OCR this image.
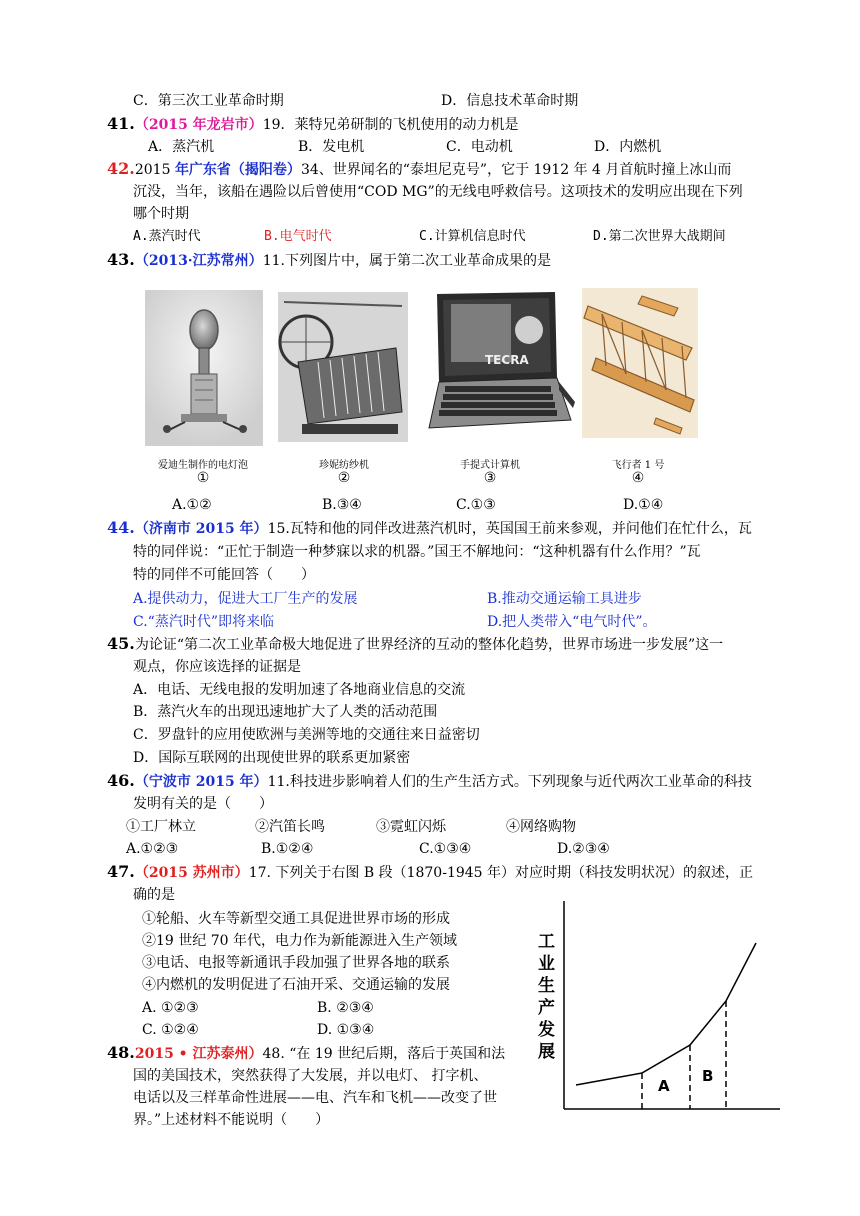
C．第三次工业革命时期	D．信息技术革命时期
41.（2015 年龙岩市）19．莱特兄弟研制的飞机使用的动力机是
A．蒸汽机	B．发电机	C．电动机	D．内燃机
42.2015 年广东省（揭阳卷）34、世界闻名的“泰坦尼克号”，它于 1912 年 4 月首航时撞上冰山而
沉没，当年，该船在遇险以后曾使用“COD MG”的无线电呼救信号。这项技术的发明应出现在下列
哪个时期
A.蒸汽时代	B.电气时代	C.计算机信息时代	D.第二次世界大战期间
43.（2013·江苏常州）11.下列图片中，属于第二次工业革命成果的是
TECRA
爱迪生制作的电灯泡	珍妮纺纱机	手提式计算机	飞行者 1 号
①	②	③	④
A.①②	B.③④	C.①③	D.①④
44.（济南市 2015 年）15.瓦特和他的同伴改进蒸汽机时，英国国王前来参观，并问他们在忙什么，瓦
特的同伴说：“正忙于制造一种梦寐以求的机器。”国王不解地问：“这种机器有什么作用？”瓦
特的同伴不可能回答（　　）
A.提供动力，促进大工厂生产的发展	B.推动交通运输工具进步
C.“蒸汽时代”即将来临	D.把人类带入“电气时代”。
45.为论证“第二次工业革命极大地促进了世界经济的互动的整体化趋势，世界市场进一步发展”这一
观点，你应该选择的证据是
A．电话、无线电报的发明加速了各地商业信息的交流
B．蒸汽火车的出现迅速地扩大了人类的活动范围
C．罗盘针的应用使欧洲与美洲等地的交通往来日益密切
D．国际互联网的出现使世界的联系更加紧密
46.（宁波市 2015 年）11.科技进步影响着人们的生产生活方式。下列现象与近代两次工业革命的科技
发明有关的是（　　）
①工厂林立	②汽笛长鸣	③霓虹闪烁	④网络购物
A.①②③	B.①②④	C.①③④	D.②③④
47.（2015 苏州市）17. 下列关于右图 B 段（1870-1945 年）对应时期（科技发明状况）的叙述，正
确的是
①轮船、火车等新型交通工具促进世界市场的形成
②19 世纪 70 年代，电力作为新能源进入生产领域
③电话、电报等新通讯手段加强了世界各地的联系
④内燃机的发明促进了石油开采、交通运输的发展
A. ①②③	B. ②③④
C. ①②④	D. ①③④
48.2015 • 江苏泰州）48. “在 19 世纪后期，落后于英国和法
国的美国技术，突然获得了大发展，并以电灯、 打字机、
电话以及三样革命性进展——电、汽车和飞机——改变了世
界。”上述材料不能说明（　　）
工
业
生
产
发
展
A
B
